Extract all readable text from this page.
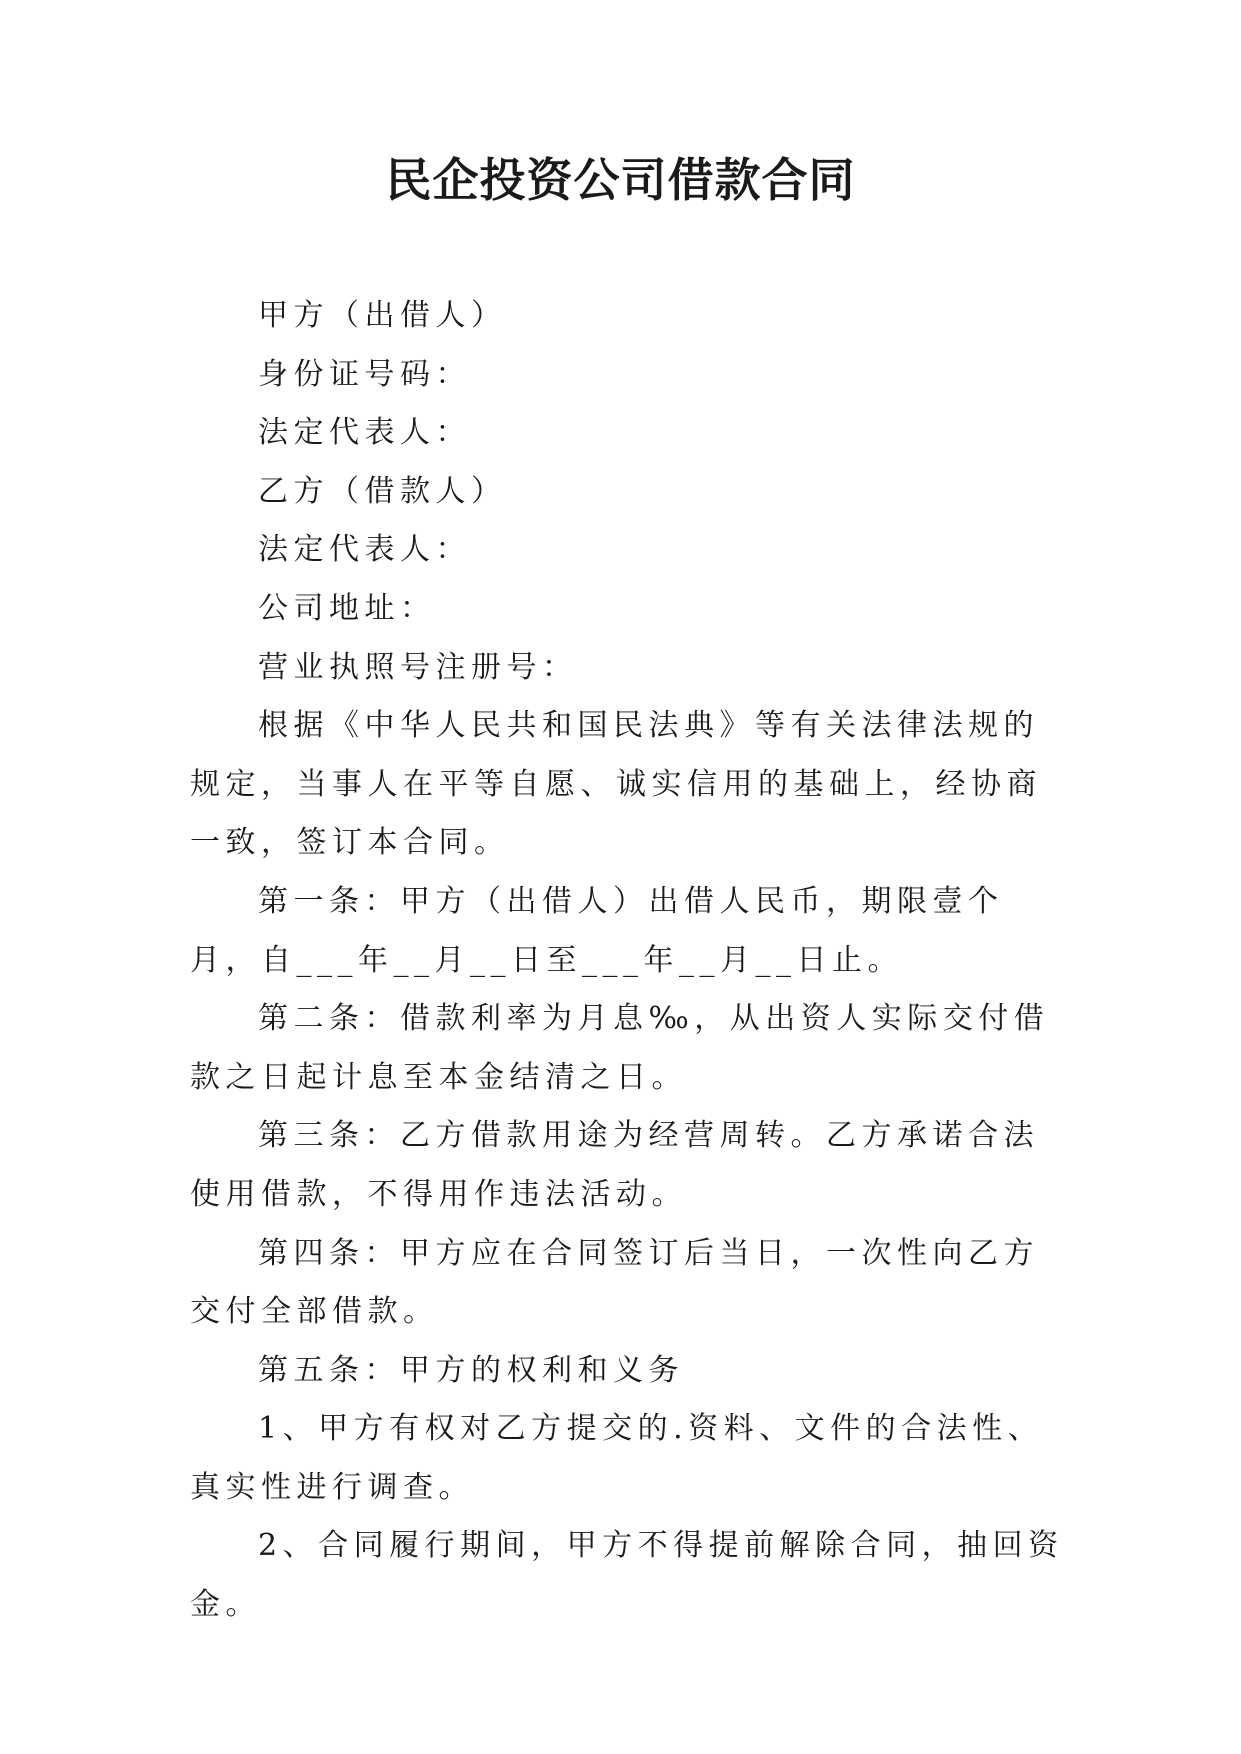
民企投资公司借款合同

甲方（出借人）

身份证号码：

法定代表人：

乙方（借款人）

法定代表人：

公司地址：

营业执照号注册号：

根据《中华人民共和国民法典》等有关法律法规的规定，当事人在平等自愿、诚实信用的基础上，经协商一致，签订本合同。

第一条：甲方（出借人）出借人民币，期限壹个月，自___年__月__日至___年__月__日止。

第二条：借款利率为月息‰，从出资人实际交付借款之日起计息至本金结清之日。

第三条：乙方借款用途为经营周转。乙方承诺合法使用借款，不得用作违法活动。

第四条：甲方应在合同签订后当日，一次性向乙方交付全部借款。

第五条：甲方的权利和义务

1、甲方有权对乙方提交的.资料、文件的合法性、真实性进行调查。

2、合同履行期间，甲方不得提前解除合同，抽回资金。
